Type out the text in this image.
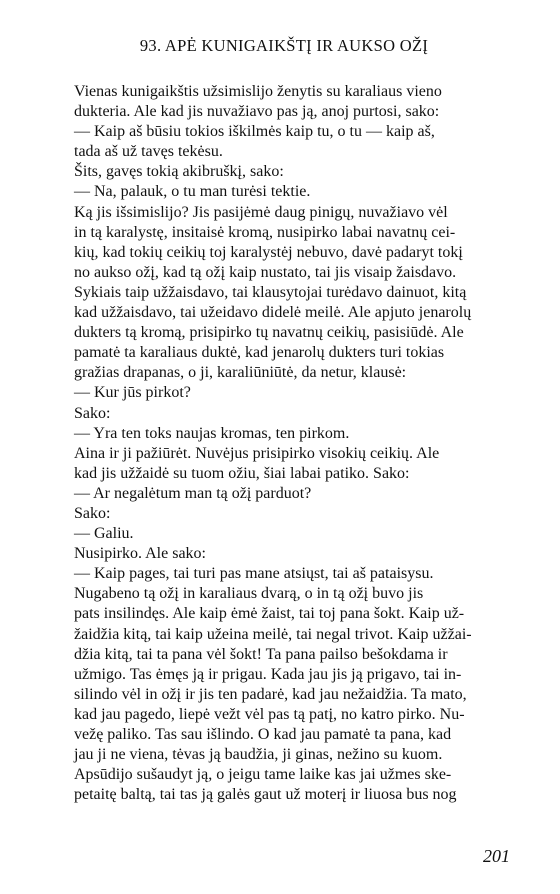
93. APĖ KUNIGAIKŠTĮ IR AUKSO OŽĮ

Vienas kunigaikštis užsimislijo ženytis su karaliaus vieno
dukteria. Ale kad jis nuvažiavo pas ją, anoj purtosi, sako:

— Kaip aš būsiu tokios iškilmės kaip tu, o tu — kaip aš,
tada aš už tavęs tekėsu.

Šits, gavęs tokią akibruškį, sako:

— Na, palauk, o tu man turėsi tektie.

Ką jis išsimislijo? Jis pasijėmė daug pinigų, nuvažiavo vėl
in tą karalystę, insitaisė kromą, nusipirko labai navatnų cei-
kių, kad tokių ceikių toj karalystėj nebuvo, davė padaryt tokį
no aukso ožį, kad tą ožį kaip nustato, tai jis visaip žaisdavo.
Sykiais taip užžaisdavo, tai klausytojai turėdavo dainuot, kitą
kad užžaisdavo, tai užeidavo didelė meilė. Ale apjuto jenarolų
dukters tą kromą, prisipirko tų navatnų ceikių, pasisiūdė. Ale
pamatė ta karaliaus duktė, kad jenarolų dukters turi tokias
gražias drapanas, o ji, karaliūniūtė, da netur, klausė:

— Kur jūs pirkot?

Sako:

— Yra ten toks naujas kromas, ten pirkom.

Aina ir ji pažiūrėt. Nuvėjus prisipirko visokių ceikių. Ale
kad jis užžaidė su tuom ožiu, šiai labai patiko. Sako:

— Ar negalėtum man tą ožį parduot?

Sako:

— Galiu.

Nusipirko. Ale sako:

— Kaip pages, tai turi pas mane atsiųst, tai aš pataisysu.

Nugabeno tą ožį in karaliaus dvarą, o in tą ožį buvo jis
pats insilindęs. Ale kaip ėmė žaist, tai toj pana šokt. Kaip už-
žaidžia kitą, tai kaip užeina meilė, tai negal trivot. Kaip užžai-
džia kitą, tai ta pana vėl šokt! Ta pana pailso bešokdama ir
užmigo. Tas ėmęs ją ir prigau. Kada jau jis ją prigavo, tai in-
silindo vėl in ožį ir jis ten padarė, kad jau nežaidžia. Ta mato,
kad jau pagedo, liepė vežt vėl pas tą patį, no katro pirko. Nu-
vežę paliko. Tas sau išlindo. O kad jau pamatė ta pana, kad
jau ji ne viena, tėvas ją baudžia, ji ginas, nežino su kuom.
Apsūdijo sušaudyt ją, o jeigu tame laike kas jai užmes ske-
petaitę baltą, tai tas ją galės gaut už moterį ir liuosa bus nog

201
